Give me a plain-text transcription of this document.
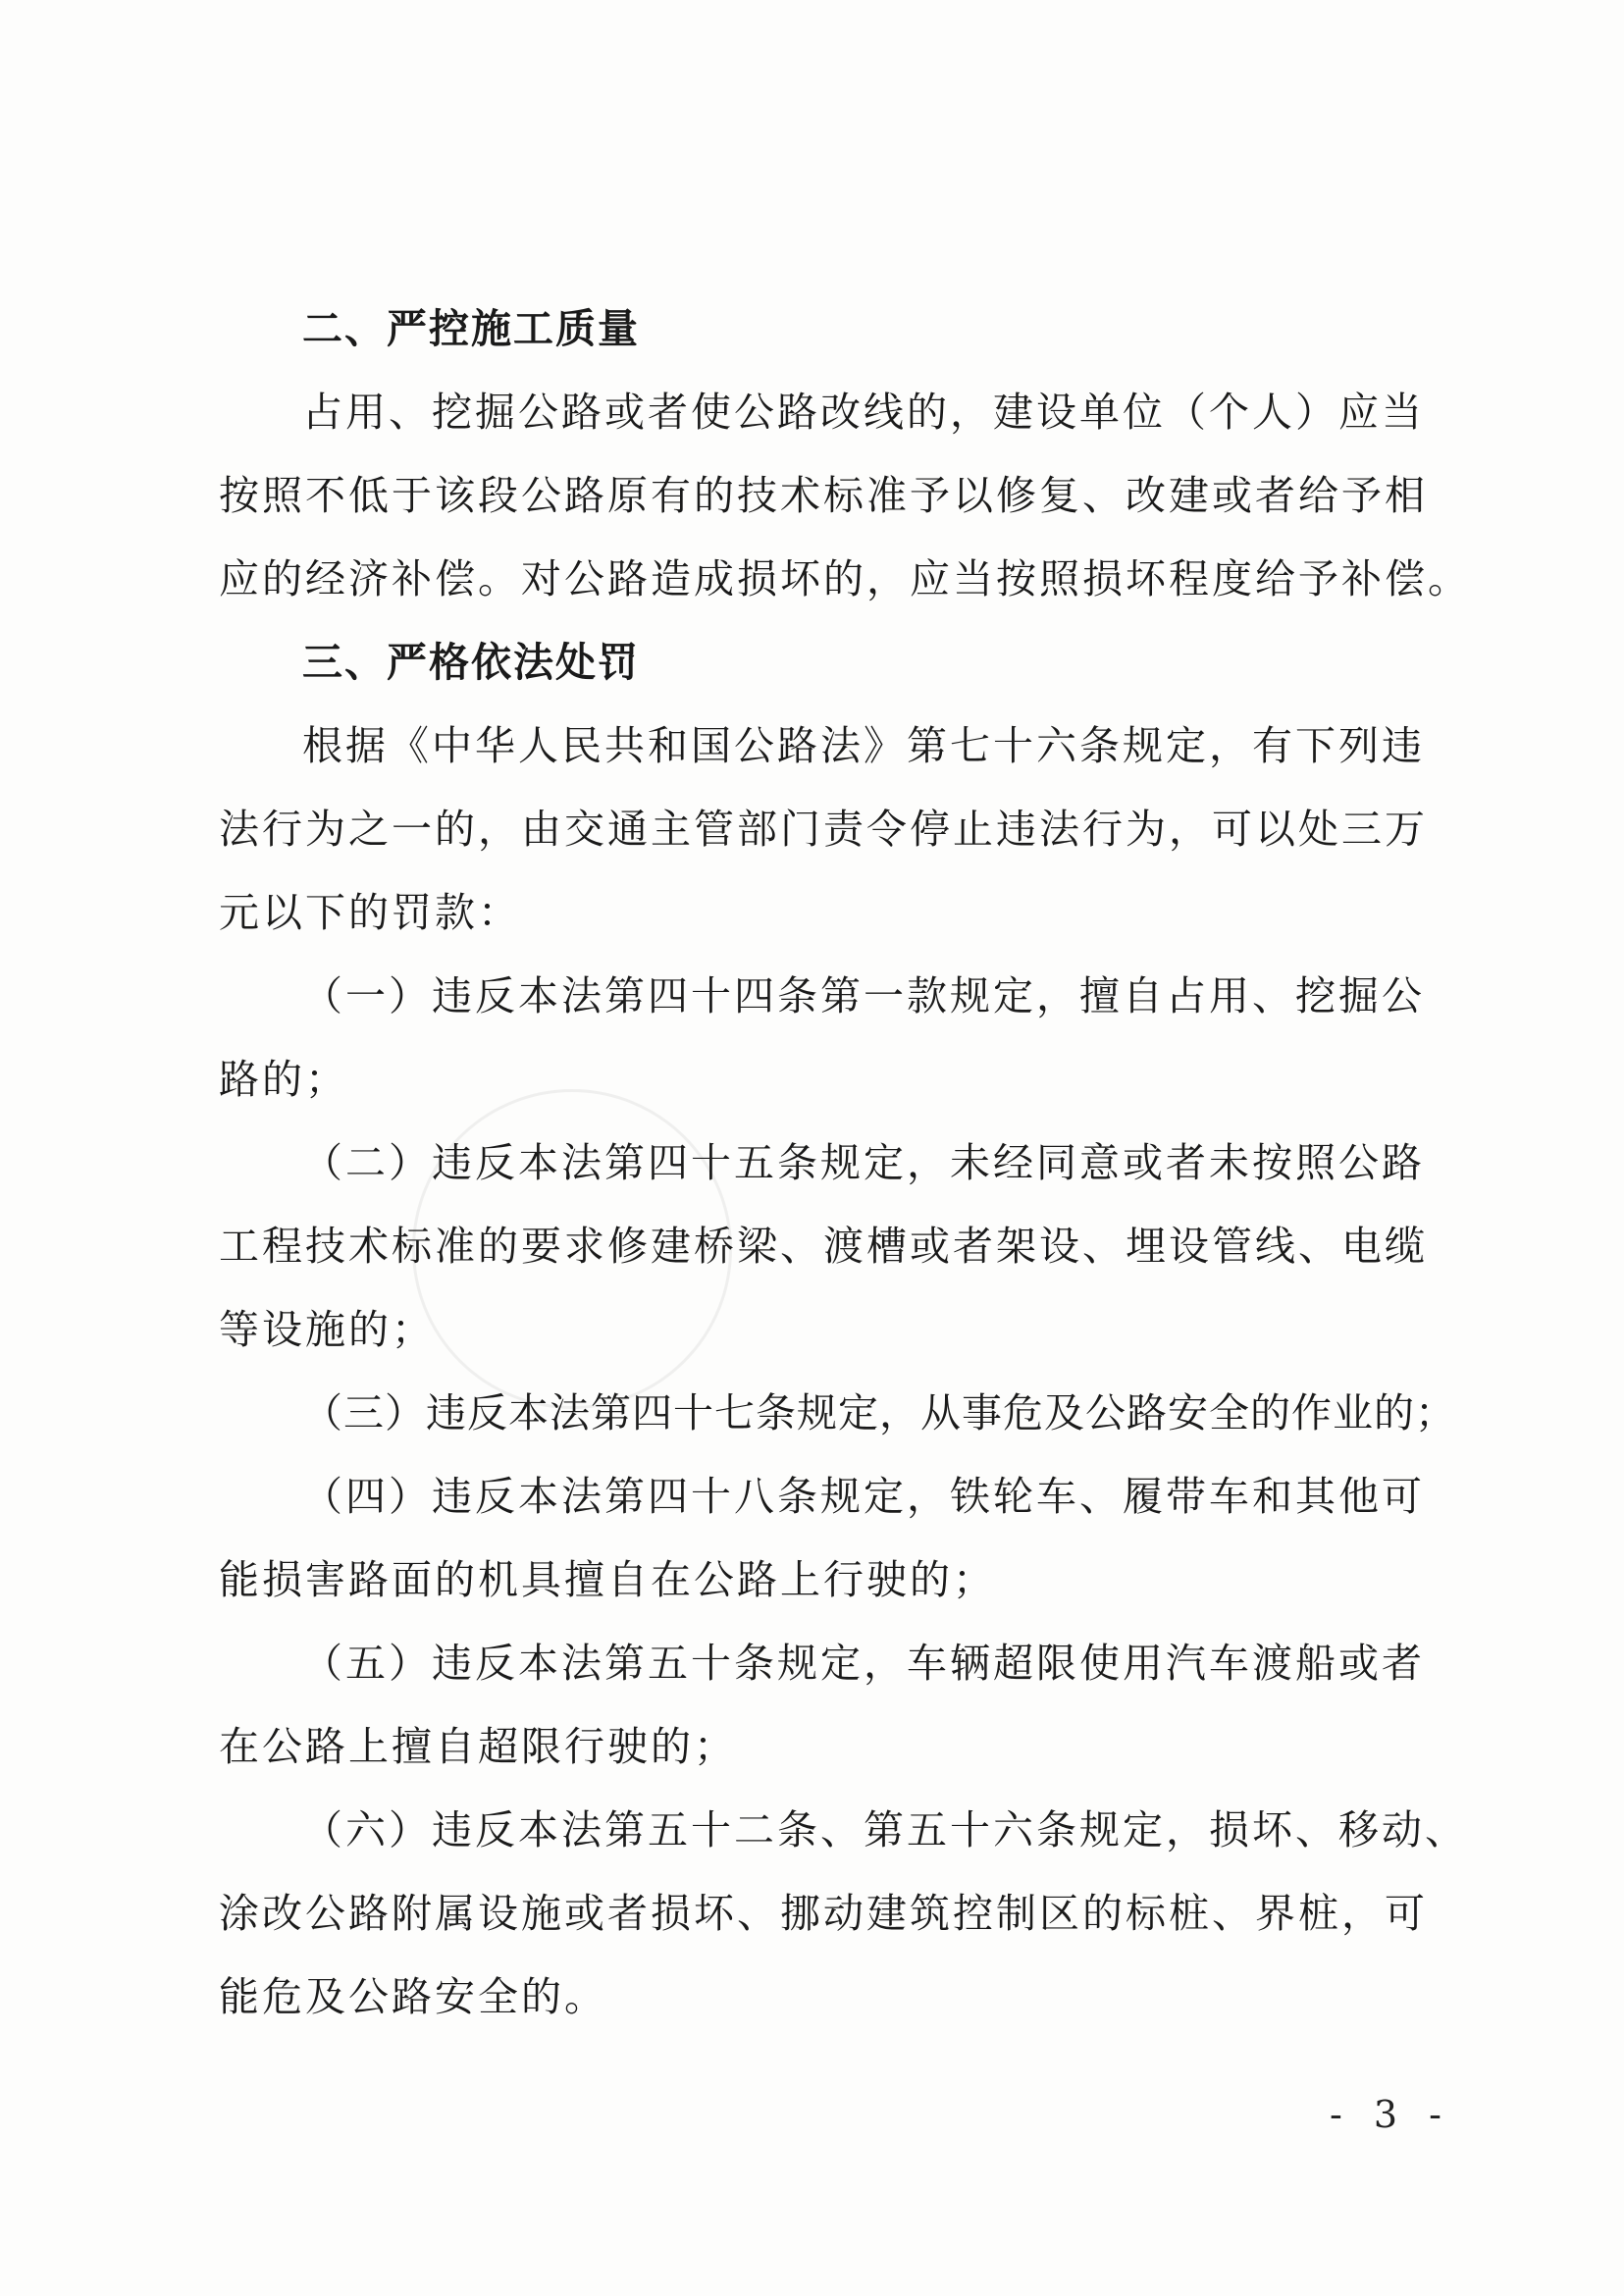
二、严控施工质量
占用、挖掘公路或者使公路改线的，建设单位（个人）应当
按照不低于该段公路原有的技术标准予以修复、改建或者给予相
应的经济补偿。对公路造成损坏的，应当按照损坏程度给予补偿。
三、严格依法处罚
根据《中华人民共和国公路法》第七十六条规定，有下列违
法行为之一的，由交通主管部门责令停止违法行为，可以处三万
元以下的罚款：
（一）违反本法第四十四条第一款规定，擅自占用、挖掘公
路的；
（二）违反本法第四十五条规定，未经同意或者未按照公路
工程技术标准的要求修建桥梁、渡槽或者架设、埋设管线、电缆
等设施的；
（三）违反本法第四十七条规定，从事危及公路安全的作业的；
（四）违反本法第四十八条规定，铁轮车、履带车和其他可
能损害路面的机具擅自在公路上行驶的；
（五）违反本法第五十条规定，车辆超限使用汽车渡船或者
在公路上擅自超限行驶的；
（六）违反本法第五十二条、第五十六条规定，损坏、移动、
涂改公路附属设施或者损坏、挪动建筑控制区的标桩、界桩，可
能危及公路安全的。
- 3 -
